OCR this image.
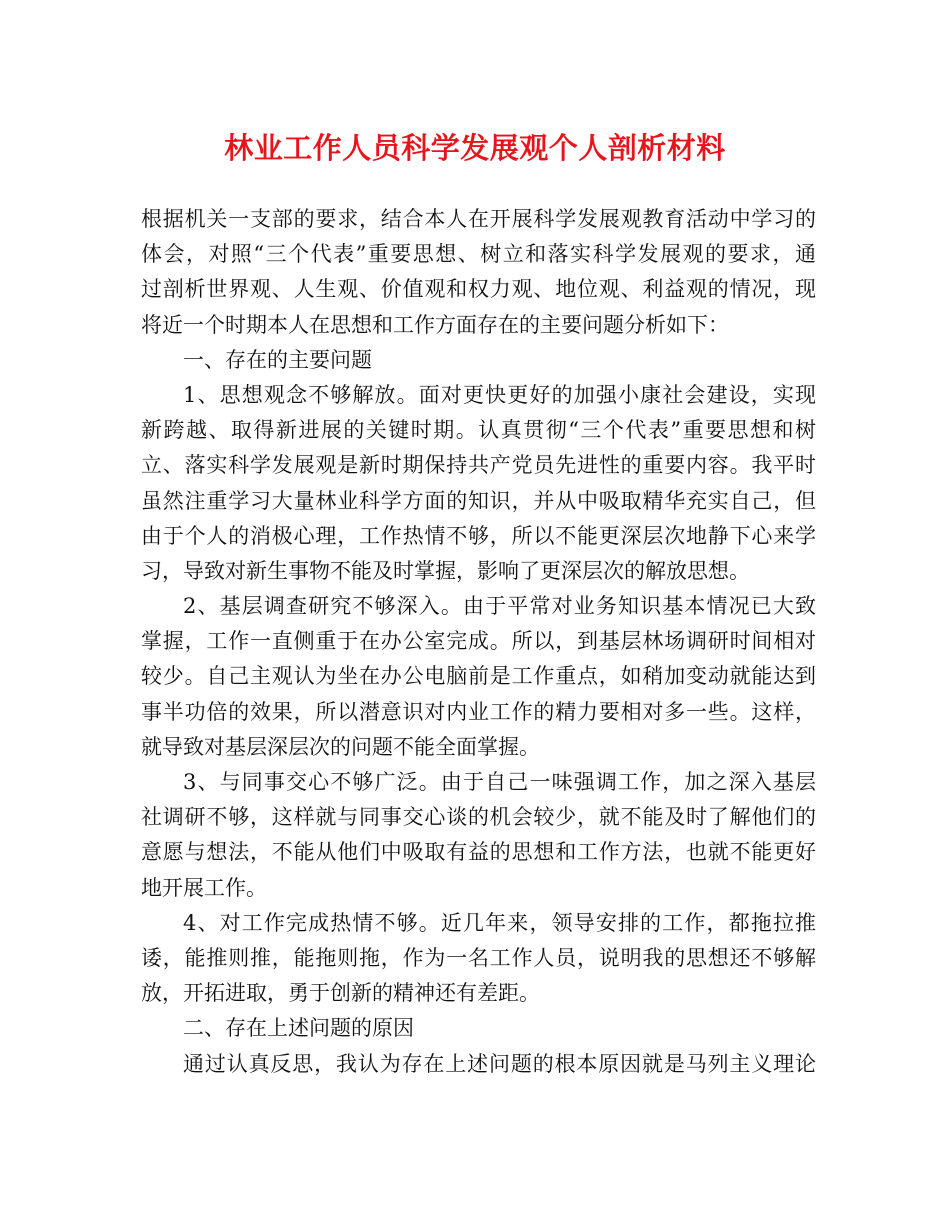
林业工作人员科学发展观个人剖析材料
根据机关一支部的要求，结合本人在开展科学发展观教育活动中学习的
体会，对照“三个代表”重要思想、树立和落实科学发展观的要求，通
过剖析世界观、人生观、价值观和权力观、地位观、利益观的情况，现
将近一个时期本人在思想和工作方面存在的主要问题分析如下：
一、存在的主要问题
1、思想观念不够解放。面对更快更好的加强小康社会建设，实现
新跨越、取得新进展的关键时期。认真贯彻“三个代表”重要思想和树
立、落实科学发展观是新时期保持共产党员先进性的重要内容。我平时
虽然注重学习大量林业科学方面的知识，并从中吸取精华充实自己，但
由于个人的消极心理，工作热情不够，所以不能更深层次地静下心来学
习，导致对新生事物不能及时掌握，影响了更深层次的解放思想。
2、基层调查研究不够深入。由于平常对业务知识基本情况已大致
掌握，工作一直侧重于在办公室完成。所以，到基层林场调研时间相对
较少。自己主观认为坐在办公电脑前是工作重点，如稍加变动就能达到
事半功倍的效果，所以潜意识对内业工作的精力要相对多一些。这样，
就导致对基层深层次的问题不能全面掌握。
3、与同事交心不够广泛。由于自己一味强调工作，加之深入基层
社调研不够，这样就与同事交心谈的机会较少，就不能及时了解他们的
意愿与想法，不能从他们中吸取有益的思想和工作方法，也就不能更好
地开展工作。
4、对工作完成热情不够。近几年来，领导安排的工作，都拖拉推
诿，能推则推，能拖则拖，作为一名工作人员，说明我的思想还不够解
放，开拓进取，勇于创新的精神还有差距。
二、存在上述问题的原因
通过认真反思，我认为存在上述问题的根本原因就是马列主义理论
